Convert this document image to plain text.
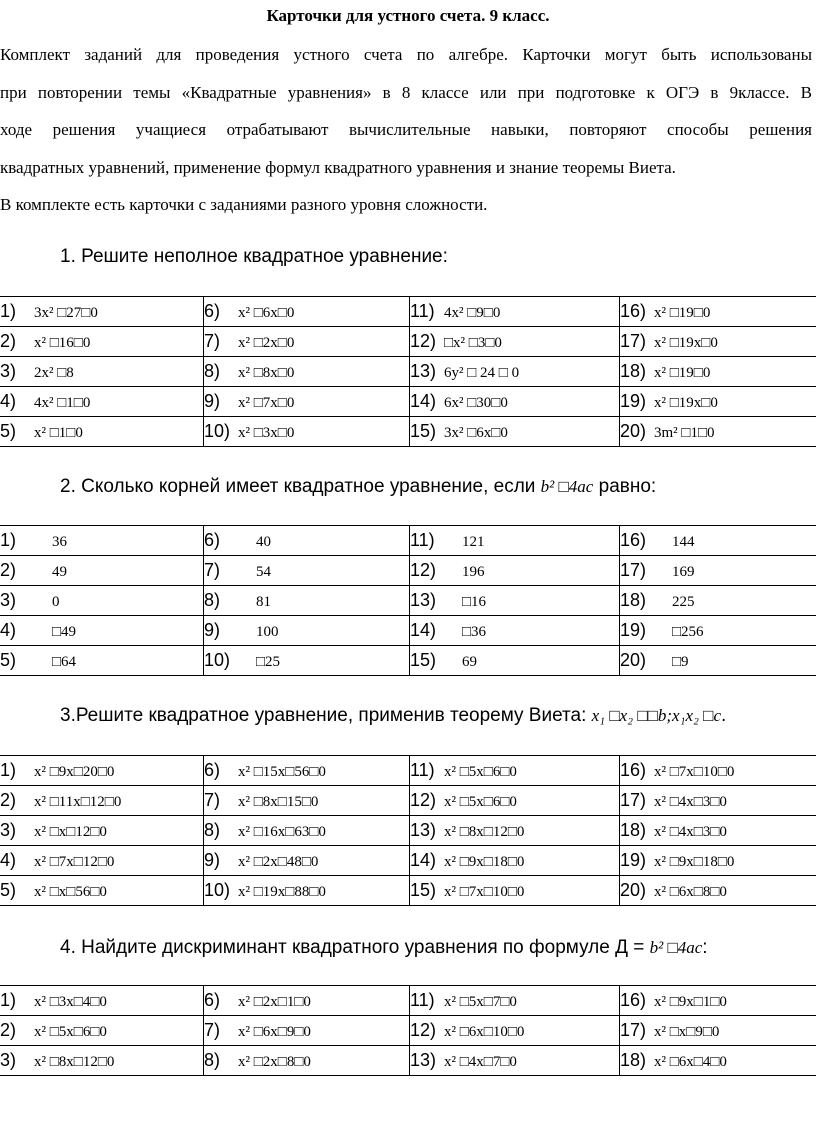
Карточки для устного счета. 9 класс.

Комплект заданий для проведения устного счета по алгебре. Карточки могут быть использованы

при повторении темы «Квадратные уравнения» в 8 классе или при подготовке к ОГЭ в 9классе. В

ходе решения учащиеся отрабатывают вычислительные навыки, повторяют способы решения

квадратных уравнений, применение формул квадратного уравнения и знание теоремы Виета.

В комплекте есть карточки с заданиями разного уровня сложности.
1. Решите неполное квадратное уравнение:
1) 3x² □27□0	6) x² □6x□0	11) 4x² □9□0	16) x² □19□0
2) x² □16□0	7) x² □2x□0	12) □x² □3□0	17) x² □19x□0
3) 2x² □8	8) x² □8x□0	13) 6y² □ 24 □ 0	18) x² □19□0
4) 4x² □1□0	9) x² □7x□0	14) 6x² □30□0	19) x² □19x□0
5) x² □1□0	10) x² □3x□0	15) 3x² □6x□0	20) 3m² □1□0
2. Сколько корней имеет квадратное уравнение, если b² □4ac равно:
1) 36	6) 40	11) 121	16) 144
2) 49	7) 54	12) 196	17) 169
3) 0	8) 81	13) □16	18) 225
4) □49	9) 100	14) □36	19) □256
5) □64	10) □25	15) 69	20) □9
3.Решите квадратное уравнение, применив теорему Виета: x₁ □x₂ □□b;x₁x₂ □c.
1) x² □9x□20□0	6) x² □15x□56□0	11) x² □5x□6□0	16) x² □7x□10□0
2) x² □11x□12□0	7) x² □8x□15□0	12) x² □5x□6□0	17) x² □4x□3□0
3) x² □x□12□0	8) x² □16x□63□0	13) x² □8x□12□0	18) x² □4x□3□0
4) x² □7x□12□0	9) x² □2x□48□0	14) x² □9x□18□0	19) x² □9x□18□0
5) x² □x□56□0	10) x² □19x□88□0	15) x² □7x□10□0	20) x² □6x□8□0
4. Найдите дискриминант квадратного уравнения по формуле Д = b² □4ac:
1) x² □3x□4□0	6) x² □2x□1□0	11) x² □5x□7□0	16) x² □9x□1□0
2) x² □5x□6□0	7) x² □6x□9□0	12) x² □6x□10□0	17) x² □x□9□0
3) x² □8x□12□0	8) x² □2x□8□0	13) x² □4x□7□0	18) x² □6x□4□0
